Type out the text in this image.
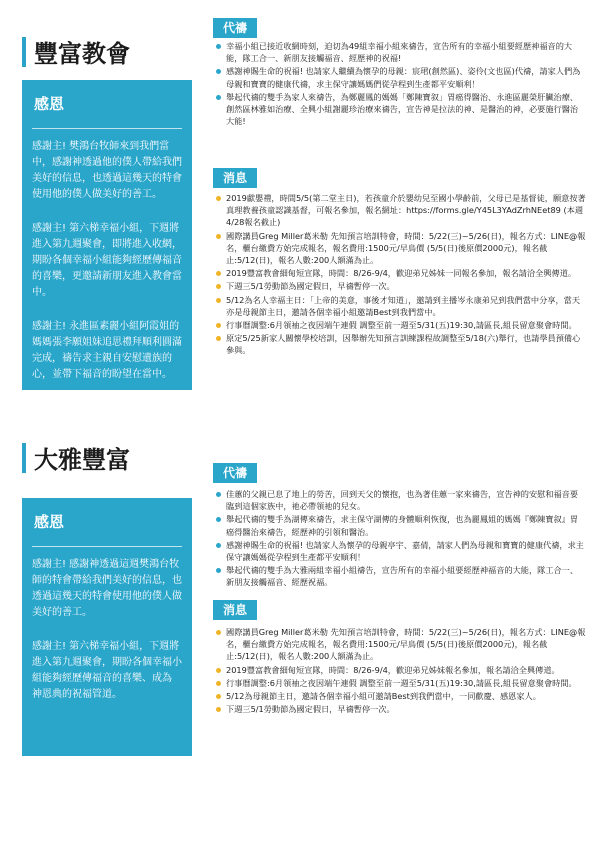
豐富教會
感恩

感謝主! 樊鴻台牧師來到我們當中，感謝神透過他的僕人帶給我們美好的信息，也透過這幾天的特會使用他的僕人做美好的善工。

感謝主! 第六梯幸福小組，下週將進入第九週聚會，即將進入收網，期盼各個幸福小組能夠經歷傳福音的喜樂，更邀請新朋友進入教會當中。

感謝主! 永進區素麗小組阿霞姐的媽媽張李願姐妹追思禮拜順利圓滿完成，禱告求主親自安慰遺族的心，並帶下福音的盼望在當中。

代禱
幸福小組已接近收網時刻，迫切為49組幸福小組來禱告，宣告所有的幸福小組要經歷神福音的大能，隊工合一、新朋友接觸福音、經歷神的祝福!
感謝神賜生命的祝福! 也請家人繼續為懷孕的母親：宸珺(創然區)、姿伶(文也區)代禱，請家人們為母親和寶寶的健康代禱，求主保守讓媽媽們從孕程到生產都平安順利！
舉起代禱的雙手為家人來禱告，為鄭麗鳳的媽媽「鄭陳寶叙」胃癌得醫治、永進區麗榮肝臟治療、創然區林雅如治療、全興小組謝麗珍治療來禱告，宣告神是拉法的神、是醫治的神，必要施行醫治大能!
消息
2019獻嬰禮，時間5/5(第二堂主日)，若孩童介於嬰幼兒至國小學齡前，父母已是基督徒，願意按著真理教養孩童認識基督，可報名參加，報名網址：https://forms.gle/Y45L3YAdZrhNEet89 (本週4/28報名截止)
國際講員Greg Miller葛米勒 先知預言培訓特會，時間：5/22(三)~5/26(日)，報名方式：LINE@報名，櫃台繳費方始完成報名，報名費用:1500元/早鳥價 (5/5(日)後原價2000元)，報名截止:5/12(日)，報名人數:200人額滿為止。
2019豐富教會細甸短宣隊，時間：8/26-9/4，歡迎弟兄姊妹一同報名參加，報名請洽全興傳道。
下週三5/1勞動節為國定假日，早禱暫停一次。
5/12為名人幸福主日：「上帝的美意，事後才知道」，邀請到主播岑永康弟兄到我們當中分享，當天亦是母親節主日，邀請各個幸福小組邀請Best到我們當中。
行事曆調整:6月領袖之夜因端午連假 調整至前一週至5/31(五)19:30,請區長,組長留意聚會時間。
原定5/25新家人關懷學校培訓，因舉辦先知預言訓練課程故調整至5/18(六)舉行，也請學員預備心參與。
大雅豐富
感恩

感謝主! 感謝神透過這週樊鴻台牧師的特會帶給我們美好的信息，也透過這幾天的特會使用他的僕人做美好的善工。

感謝主! 第六梯幸福小組，下週將進入第九週聚會，期盼各個幸福小組能夠經歷傳福音的喜樂、成為 神恩典的祝福管道。

代禱
佳蕙的父親已息了地上的勞苦，回到天父的懷抱，也為著佳蕙一家來禱告，宣告神的安慰和福音要臨到這個家族中，祂必帶領祂的兒女。
舉起代禱的雙手為湖傳來禱告，求主保守湖傳的身體順利恢復，也為麗鳳姐的媽媽『鄭陳寶叙』胃癌得醫治來禱告，經歷神的引領和醫治。
感謝神賜生命的祝福! 也請家人為懷孕的母親亭宇、嘉倩，請家人們為母親和寶寶的健康代禱，求主保守讓媽媽從孕程到生產都平安順利！
舉起代禱的雙手為大雅兩組幸福小組禱告，宣告所有的幸福小組要經歷神福音的大能，隊工合一、新朋友接觸福音、經歷祝福。
消息
國際講員Greg Miller葛米勒 先知預言培訓特會，時間：5/22(三)~5/26(日)，報名方式：LINE@報名，櫃台繳費方始完成報名，報名費用:1500元/早鳥價 (5/5(日)後原價2000元)，報名截止:5/12(日)，報名人數:200人額滿為止。
2019豐富教會細甸短宣隊，時間：8/26-9/4，歡迎弟兄姊妹報名參加，報名請洽全興傳道。
行事曆調整:6月領袖之夜因端午連假 調整至前一週至5/31(五)19:30,請區長,組長留意聚會時間。
5/12為母親節主日，邀請各個幸福小組可邀請Best到我們當中，一同歡慶、感恩家人。
下週三5/1勞動節為國定假日，早禱暫停一次。
